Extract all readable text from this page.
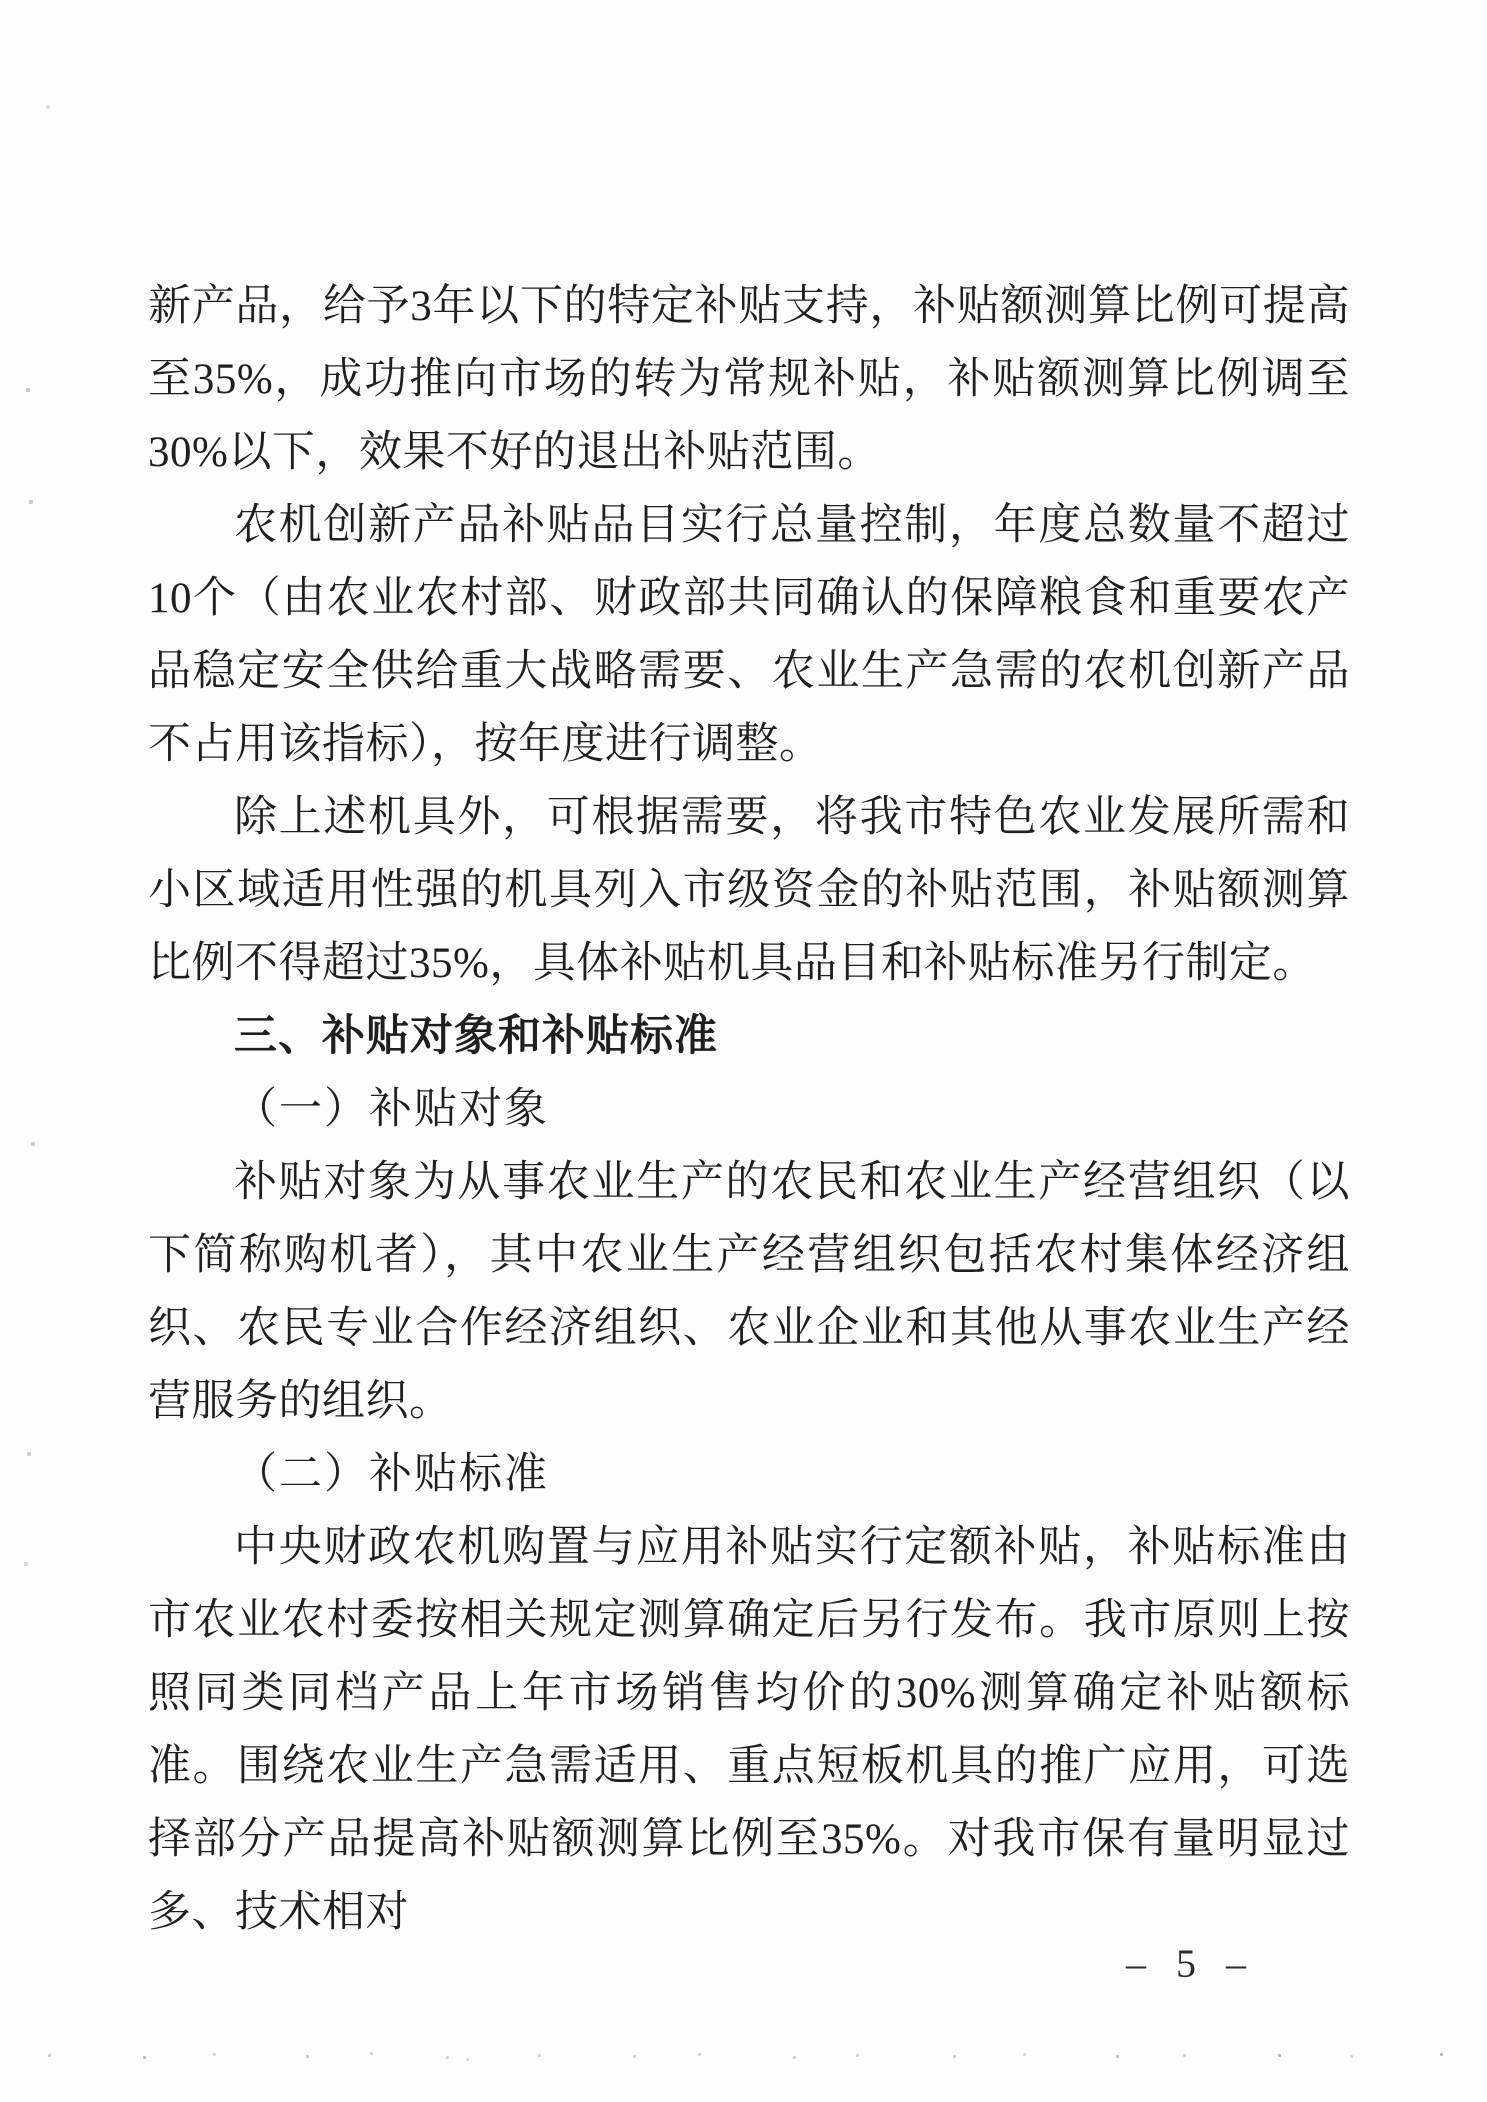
新产品，给予3年以下的特定补贴支持，补贴额测算比例可提高至35%，成功推向市场的转为常规补贴，补贴额测算比例调至30%以下，效果不好的退出补贴范围。

农机创新产品补贴品目实行总量控制，年度总数量不超过10个（由农业农村部、财政部共同确认的保障粮食和重要农产品稳定安全供给重大战略需要、农业生产急需的农机创新产品不占用该指标），按年度进行调整。

除上述机具外，可根据需要，将我市特色农业发展所需和小区域适用性强的机具列入市级资金的补贴范围，补贴额测算比例不得超过35%，具体补贴机具品目和补贴标准另行制定。

三、补贴对象和补贴标准

（一）补贴对象

补贴对象为从事农业生产的农民和农业生产经营组织（以下简称购机者），其中农业生产经营组织包括农村集体经济组织、农民专业合作经济组织、农业企业和其他从事农业生产经营服务的组织。

（二）补贴标准

中央财政农机购置与应用补贴实行定额补贴，补贴标准由市农业农村委按相关规定测算确定后另行发布。我市原则上按照同类同档产品上年市场销售均价的30%测算确定补贴额标准。围绕农业生产急需适用、重点短板机具的推广应用，可选择部分产品提高补贴额测算比例至35%。对我市保有量明显过多、技术相对

– 5 –
